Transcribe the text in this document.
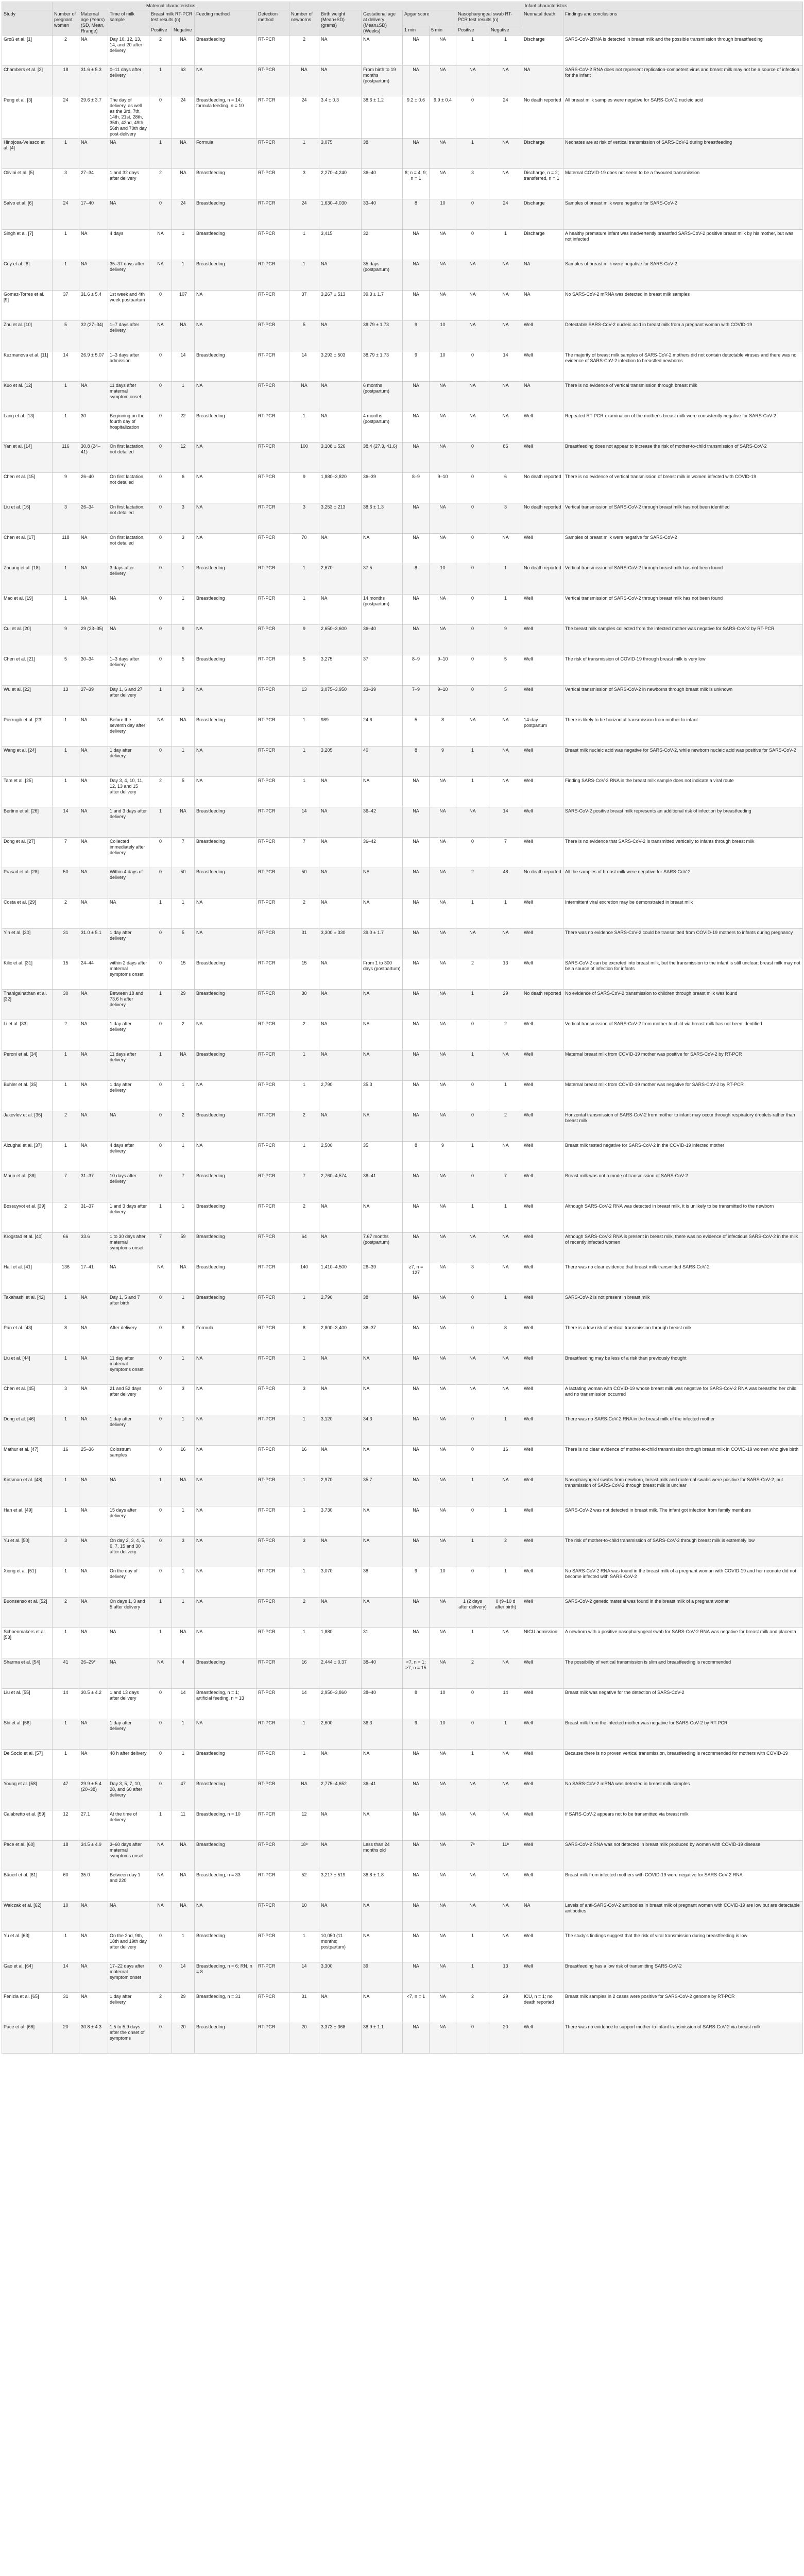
	Maternal characteristics							Infant characteristics								
Study	Number of pregnant women	Maternal age (Years) (SD, Mean, Rrange)	Time of milk sample	Breast milk RT-PCR test results (n)		Feeding method	Detection method	Number of newborns	Birth weight (Mean±SD) (grams)	Gestational age at delivery (Mean±SD) (Weeks)	Apgar score		Nasopharyngeal swab RT-PCR test results (n)		Neonatal death	Findings and conclusions
				Positive	Negative						1 min	5 min	Positive	Negative		
Groß et al. [1]	2	NA	Day 10, 12, 13, 14, and 20 after delivery	2	NA	Breastfeeding	RT-PCR	2	NA	NA	NA	NA	1	1	Discharge	SARS-CoV-2RNA is detected in breast milk and the possible transmission through breastfeeding
Chambers et al. [2]	18	31.6 ± 5.3	0–11 days after delivery	1	63	NA	RT-PCR	NA	NA	From birth to 19 months (postpartum)	NA	NA	NA	NA	NA	SARS-CoV-2 RNA does not represent replication-competent virus and breast milk may not be a source of infection for the infant
Peng et al. [3]	24	29.6 ± 3.7	The day of delivery, as well as the 3rd, 7th, 14th, 21st, 28th, 35th, 42nd, 49th, 56th and 70th day post-delivery	0	24	Breastfeeding, n = 14; formula feeding, n = 10	RT-PCR	24	3.4 ± 0.3	38.6 ± 1.2	9.2 ± 0.6	9.9 ± 0.4	0	24	No death reported	All breast milk samples were negative for SARS-CoV-2 nucleic acid
Hinojosa-Velasco et al. [4]	1	NA	NA	1	NA	Formula	RT-PCR	1	3,075	38	NA	NA	1	NA	Discharge	Neonates are at risk of vertical transmission of SARS-CoV-2 during breastfeeding
Olivini et al. [5]	3	27–34	1 and 32 days after delivery	2	NA	Breastfeeding	RT-PCR	3	2,270–4,240	36–40	8; n = 4, 9; n = 1	NA	3	NA	Discharge, n = 2; transferred, n = 1	Maternal COVID-19 does not seem to be a favoured transmission
Salvo et al. [6]	24	17–40	NA	0	24	Breastfeeding	RT-PCR	24	1,630–4,030	33–40	8	10	0	24	Discharge	Samples of breast milk were negative for SARS-CoV-2
Singh et al. [7]	1	NA	4 days	NA	1	Breastfeeding	RT-PCR	1	3,415	32	NA	NA	0	1	Discharge	A healthy premature infant was inadvertently breastfed SARS-CoV-2 positive breast milk by his mother, but was not infected
Cuy et al. [8]	1	NA	35–37 days after delivery	NA	1	Breastfeeding	RT-PCR	1	NA	35 days (postpartum)	NA	NA	NA	NA	NA	Samples of breast milk were negative for SARS-CoV-2
Gomez-Torres et al. [9]	37	31.6 ± 5.4	1st week and 4th week postpartum	0	107	NA	RT-PCR	37	3,267 ± 513	39.3 ± 1.7	NA	NA	NA	NA	NA	No SARS-CoV-2 mRNA was detected in breast milk samples
Zhu et al. [10]	5	32 (27–34)	1–7 days after delivery	NA	NA	NA	RT-PCR	5	NA	38.79 ± 1.73	9	10	NA	NA	Well	Detectable SARS-CoV-2 nucleic acid in breast milk from a pregnant woman with COVID-19
Kuzmanova et al. [11]	14	26.9 ± 5.07	1–3 days after admission	0	14	Breastfeeding	RT-PCR	14	3,293 ± 503	38.79 ± 1.73	9	10	0	14	Well	The majority of breast milk samples of SARS-CoV-2 mothers did not contain detectable viruses and there was no evidence of SARS-CoV-2 infection to breastfed newborns
Kuo et al. [12]	1	NA	11 days after maternal symptom onset	0	1	NA	RT-PCR	NA	NA	6 months (postpartum)	NA	NA	NA	NA	NA	There is no evidence of vertical transmission through breast milk
Lang et al. [13]	1	30	Beginning on the fourth day of hospitalization	0	22	Breastfeeding	RT-PCR	1	NA	4 months (postpartum)	NA	NA	NA	NA	Well	Repeated RT-PCR examination of the mother's breast milk were consistently negative for SARS-CoV-2
Yan et al. [14]	116	30.8 (24–41)	On first lactation, not detailed	0	12	NA	RT-PCR	100	3,108 ± 526	38.4 (27.3, 41.6)	NA	NA	0	86	Well	Breastfeeding does not appear to increase the risk of mother-to-child transmission of SARS-CoV-2
Chen et al. [15]	9	26–40	On first lactation, not detailed	0	6	NA	RT-PCR	9	1,880–3,820	36–39	8–9	9–10	0	6	No death reported	There is no evidence of vertical transmission of breast milk in women infected with COVID-19
Liu et al. [16]	3	26–34	On first lactation, not detailed	0	3	NA	RT-PCR	3	3,253 ± 213	38.6 ± 1.3	NA	NA	0	3	No death reported	Vertical transmission of SARS-CoV-2 through breast milk has not been identified
Chen et al. [17]	118	NA	On first lactation, not detailed	0	3	NA	RT-PCR	70	NA	NA	NA	NA	0	NA	Well	Samples of breast milk were negative for SARS-CoV-2
Zhuang et al. [18]	1	NA	3 days after delivery	0	1	Breastfeeding	RT-PCR	1	2,670	37.5	8	10	0	1	No death reported	Vertical transmission of SARS-CoV-2 through breast milk has not been found
Mao et al. [19]	1	NA	NA	0	1	Breastfeeding	RT-PCR	1	NA	14 months (postpartum)	NA	NA	0	1	Well	Vertical transmission of SARS-CoV-2 through breast milk has not been found
Cui et al. [20]	9	29 (23–35)	NA	0	9	NA	RT-PCR	9	2,650–3,600	36–40	NA	NA	0	9	Well	The breast milk samples collected from the infected mother was negative for SARS-CoV-2 by RT-PCR
Chen et al. [21]	5	30–34	1–3 days after delivery	0	5	Breastfeeding	RT-PCR	5	3,275	37	8–9	9–10	0	5	Well	The risk of transmission of COVID-19 through breast milk is very low
Wu et al. [22]	13	27–39	Day 1, 6 and 27 after delivery	1	3	NA	RT-PCR	13	3,075–3,950	33–39	7–9	9–10	0	5	Well	Vertical transmission of SARS-CoV-2 in newborns through breast milk is unknown
Pierrugib et al. [23]	1	NA	Before the seventh day after delivery	NA	NA	Breastfeeding	RT-PCR	1	989	24.6	5	8	NA	NA	14-day postpartum	There is likely to be horizontal transmission from mother to infant
Wang et al. [24]	1	NA	1 day after delivery	0	1	NA	RT-PCR	1	3,205	40	8	9	1	NA	Well	Breast milk nucleic acid was negative for SARS-CoV-2, while newborn nucleic acid was positive for SARS-CoV-2
Tam et al. [25]	1	NA	Day 3, 4, 10, 11, 12, 13 and 15 after delivery	2	5	NA	RT-PCR	1	NA	NA	NA	NA	1	NA	Well	Finding SARS-CoV-2 RNA in the breast milk sample does not indicate a viral route
Bertino et al. [26]	14	NA	1 and 3 days after delivery	1	NA	Breastfeeding	RT-PCR	14	NA	36–42	NA	NA	NA	14	Well	SARS-CoV-2 positive breast milk represents an additional risk of infection by breastfeeding
Dong et al. [27]	7	NA	Collected immediately after delivery	0	7	Breastfeeding	RT-PCR	7	NA	36–42	NA	NA	0	7	Well	There is no evidence that SARS-CoV-2 is transmitted vertically to infants through breast milk
Prasad et al. [28]	50	NA	Within 4 days of delivery	0	50	Breastfeeding	RT-PCR	50	NA	NA	NA	NA	2	48	No death reported	All the samples of breast milk were negative for SARS-CoV-2
Costa et al. [29]	2	NA	NA	1	1	NA	RT-PCR	2	NA	NA	NA	NA	1	1	Well	Intermittent viral excretion may be demonstrated in breast milk
Yin et al. [30]	31	31.0 ± 5.1	1 day after delivery	0	5	NA	RT-PCR	31	3,300 ± 330	39.0 ± 1.7	NA	NA	NA	NA	Well	There was no evidence SARS-CoV-2 could be transmitted from COVID-19 mothers to infants during pregnancy
Kilic et al. [31]	15	24–44	within 2 days after maternal symptoms onset	0	15	Breastfeeding	RT-PCR	15	NA	From 1 to 300 days (postpartum)	NA	NA	2	13	Well	SARS-CoV-2 can be excreted into breast milk, but the transmission to the infant is still unclear; breast milk may not be a source of infection for infants
Thanigainathan et al. [32]	30	NA	Between 18 and 73.6 h after delivery	1	29	Breastfeeding	RT-PCR	30	NA	NA	NA	NA	1	29	No death reported	No evidence of SARS-CoV-2 transmission to children through breast milk was found
Li et al. [33]	2	NA	1 day after delivery	0	2	NA	RT-PCR	2	NA	NA	NA	NA	0	2	Well	Vertical transmission of SARS-CoV-2 from mother to child via breast milk has not been identified
Peroni et al. [34]	1	NA	11 days after delivery	1	NA	Breastfeeding	RT-PCR	1	NA	NA	NA	NA	1	NA	Well	Maternal breast milk from COVID-19 mother was positive for SARS-CoV-2 by RT-PCR
Buhler et al. [35]	1	NA	1 day after delivery	0	1	NA	RT-PCR	1	2,790	35.3	NA	NA	0	1	Well	Maternal breast milk from COVID-19 mother was negative for SARS-CoV-2 by RT-PCR
Jakovlev et al. [36]	2	NA	NA	0	2	Breastfeeding	RT-PCR	2	NA	NA	NA	NA	0	2	Well	Horizontal transmission of SARS-CoV-2 from mother to infant may occur through respiratory droplets rather than breast milk
Alzughai et al. [37]	1	NA	4 days after delivery	0	1	NA	RT-PCR	1	2,500	35	8	9	1	NA	Well	Breast milk tested negative for SARS-CoV-2 in the COVID-19 infected mother
Marin et al. [38]	7	31–37	10 days after delivery	0	7	Breastfeeding	RT-PCR	7	2,760–4,574	38–41	NA	NA	0	7	Well	Breast milk was not a mode of transmission of SARS-CoV-2
Bossuyvot et al. [39]	2	31–37	1 and 3 days after delivery	1	1	Breastfeeding	RT-PCR	2	NA	NA	NA	NA	1	1	Well	Although SARS-CoV-2 RNA was detected in breast milk, it is unlikely to be transmitted to the newborn
Krogstad et al. [40]	66	33.6	1 to 30 days after maternal symptoms onset	7	59	Breastfeeding	RT-PCR	64	NA	7.67 months (postpartum)	NA	NA	NA	NA	Well	Although SARS-CoV-2 RNA is present in breast milk, there was no evidence of infectious SARS-CoV-2 in the milk of recently infected women
Hall et al. [41]	136	17–41	NA	NA	NA	Breastfeeding	RT-PCR	140	1,410–4,500	26–39	≥7, n = 127	NA	3	NA	Well	There was no clear evidence that breast milk transmitted SARS-CoV-2
Takahashi et al. [42]	1	NA	Day 1, 5 and 7 after birth	0	1	Breastfeeding	RT-PCR	1	2,790	38	NA	NA	0	1	Well	SARS-CoV-2 is not present in breast milk
Pan et al. [43]	8	NA	After delivery	0	8	Formula	RT-PCR	8	2,800–3,400	36–37	NA	NA	0	8	Well	There is a low risk of vertical transmission through breast milk
Liu et al. [44]	1	NA	11 day after maternal symptoms onset	0	1	NA	RT-PCR	1	NA	NA	NA	NA	NA	NA	Well	Breastfeeding may be less of a risk than previously thought
Chen et al. [45]	3	NA	21 and 52 days after delivery	0	3	NA	RT-PCR	3	NA	NA	NA	NA	NA	NA	Well	A lactating woman with COVID-19 whose breast milk was negative for SARS-CoV-2 RNA was breastfed her child and no transmission occurred
Dong et al. [46]	1	NA	1 day after delivery	0	1	NA	RT-PCR	1	3,120	34.3	NA	NA	0	1	Well	There was no SARS-CoV-2 RNA in the breast milk of the infected mother
Mathur et al. [47]	16	25–36	Colostrum samples	0	16	NA	RT-PCR	16	NA	NA	NA	NA	0	16	Well	There is no clear evidence of mother-to-child transmission through breast milk in COVID-19 women who give birth
Kirtsman et al. [48]	1	NA	NA	1	NA	NA	RT-PCR	1	2,970	35.7	NA	NA	1	NA	Well	Nasopharyngeal swabs from newborn, breast milk and maternal swabs were positive for SARS-CoV-2, but transmission of SARS-CoV-2 through breast milk is unclear
Han et al. [49]	1	NA	15 days after delivery	0	1	NA	RT-PCR	1	3,730	NA	NA	NA	0	1	Well	SARS-CoV-2 was not detected in breast milk. The infant got infection from family members
Yu et al. [50]	3	NA	On day 2, 3, 4, 5, 6, 7, 15 and 30 after delivery	0	3	NA	RT-PCR	3	NA	NA	NA	NA	1	2	Well	The risk of mother-to-child transmission of SARS-CoV-2 through breast milk is extremely low
Xiong et al. [51]	1	NA	On the day of delivery	0	1	NA	RT-PCR	1	3,070	38	9	10	0	1	Well	No SARS-CoV-2 RNA was found in the breast milk of a pregnant woman with COVID-19 and her neonate did not become infected with SARS-CoV-2
Buonsenso et al. [52]	2	NA	On days 1, 3 and 5 after delivery	1	1	NA	RT-PCR	2	NA	NA	NA	NA	1 (2 days after delivery)	0 (9–10 d after birth)	Well	SARS-CoV-2 genetic material was found in the breast milk of a pregnant woman
Schoenmakers et al. [53]	1	NA	NA	1	NA	NA	RT-PCR	1	1,880	31	NA	NA	1	NA	NICU admission	A newborn with a positive nasopharyngeal swab for SARS-CoV-2 RNA was negative for breast milk and placenta
Sharma et al. [54]	41	26–29*	NA	NA	4	Breastfeeding	RT-PCR	16	2,444 ± 0.37	38–40	<7, n = 1; ≥7, n = 15	NA	2	NA	Well	The possibility of vertical transmission is slim and breastfeeding is recommended
Liu et al. [55]	14	30.5 ± 4.2	1 and 13 days after delivery	0	14	Breastfeeding, n = 1; artificial feeding, n = 13	RT-PCR	14	2,950–3,860	38–40	8	10	0	14	Well	Breast milk was negative for the detection of SARS-CoV-2
Shi et al. [56]	1	NA	1 day after delivery	0	1	NA	RT-PCR	1	2,600	36.3	9	10	0	1	Well	Breast milk from the infected mother was negative for SARS-CoV-2 by RT-PCR
De Socio et al. [57]	1	NA	48 h after delivery	0	1	Breastfeeding	RT-PCR	1	NA	NA	NA	NA	1	NA	Well	Because there is no proven vertical transmission, breastfeeding is recommended for mothers with COVID-19
Young et al. [58]	47	29.9 ± 5.4 (20–38)	Day 3, 5, 7, 10, 28, and 60 after delivery	0	47	Breastfeeding	RT-PCR	NA	2,775–4,652	36–41	NA	NA	NA	NA	Well	No SARS-CoV-2 mRNA was detected in breast milk samples
Calabretto et al. [59]	12	27.1	At the time of delivery	1	11	Breastfeeding, n = 10	RT-PCR	12	NA	NA	NA	NA	NA	NA	Well	If SARS-CoV-2 appears not to be transmitted via breast milk
Pace et al. [60]	18	34.5 ± 4.9	3–60 days after maternal symptoms onset	NA	NA	Breastfeeding	RT-PCR	18ᵇ	NA	Less than 24 months old	NA	NA	7ᵇ	11ᵇ	Well	SARS-CoV-2 RNA was not detected in breast milk produced by women with COVID-19 disease
Bäuerl et al. [61]	60	35.0	Between day 1 and 220	NA	NA	Breastfeeding, n = 33	RT-PCR	52	3,217 ± 519	38.8 ± 1.8	NA	NA	NA	NA	Well	Breast milk from infected mothers with COVID-19 were negative for SARS-CoV-2 RNA
Walczak et al. [62]	10	NA	NA	NA	NA	NA	RT-PCR	10	NA	NA	NA	NA	NA	NA	NA	Levels of anti-SARS-CoV-2 antibodies in breast milk of pregnant women with COVID-19 are low but are detectable antibodies
Yu et al. [63]	1	NA	On the 2nd, 9th, 18th and 19th day after delivery	0	1	Breastfeeding	RT-PCR	1	10,050 (11 months; postpartum)	NA	NA	NA	1	NA	Well	The study's findings suggest that the risk of viral transmission during breastfeeding is low
Gao et al. [64]	14	NA	17–22 days after maternal symptom onset	0	14	Breastfeeding, n = 6; RN, n = 8	RT-PCR	14	3,300	39	NA	NA	1	13	Well	Breastfeeding has a low risk of transmitting SARS-CoV-2
Fenizia et al. [65]	31	NA	1 day after delivery	2	29	Breastfeeding, n = 31	RT-PCR	31	NA	NA	<7, n = 1	NA	2	29	ICU, n = 1; no death reported	Breast milk samples in 2 cases were positive for SARS-CoV-2 genome by RT-PCR
Pace et al. [66]	20	30.8 ± 4.3	1.5 to 5.9 days after the onset of symptoms	0	20	Breastfeeding	RT-PCR	20	3,373 ± 368	38.9 ± 1.1	NA	NA	0	20	Well	There was no evidence to support mother-to-infant transmission of SARS-CoV-2 via breast milk
